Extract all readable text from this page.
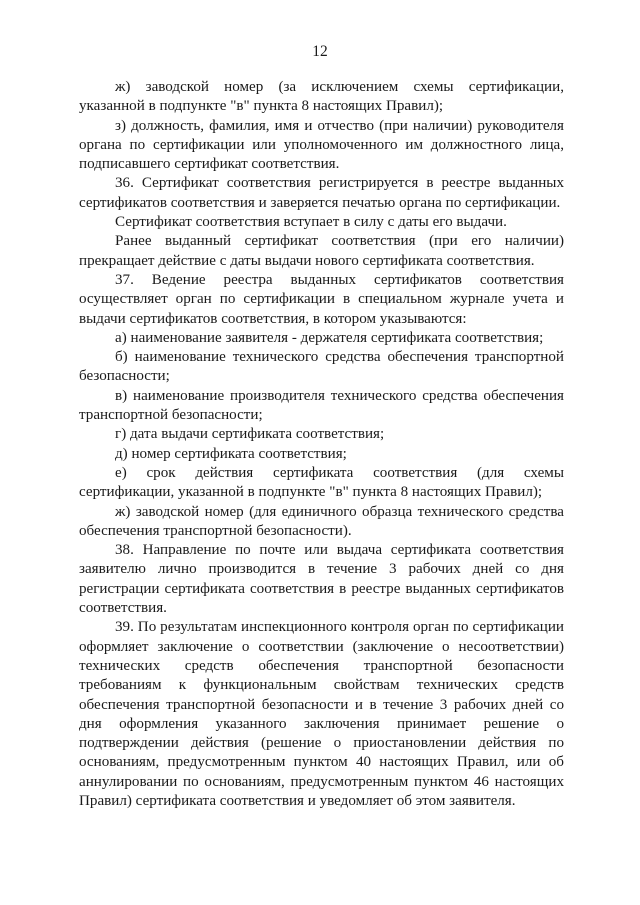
12

ж) заводской номер (за исключением схемы сертификации, указанной в подпункте "в" пункта 8 настоящих Правил);

з) должность, фамилия, имя и отчество (при наличии) руководителя органа по сертификации или уполномоченного им должностного лица, подписавшего сертификат соответствия.

36. Сертификат соответствия регистрируется в реестре выданных сертификатов соответствия и заверяется печатью органа по сертификации.

Сертификат соответствия вступает в силу с даты его выдачи.

Ранее выданный сертификат соответствия (при его наличии) прекращает действие с даты выдачи нового сертификата соответствия.

37. Ведение реестра выданных сертификатов соответствия осуществляет орган по сертификации в специальном журнале учета и выдачи сертификатов соответствия, в котором указываются:

а) наименование заявителя - держателя сертификата соответствия;

б) наименование технического средства обеспечения транспортной безопасности;

в) наименование производителя технического средства обеспечения транспортной безопасности;

г) дата выдачи сертификата соответствия;

д) номер сертификата соответствия;

е) срок действия сертификата соответствия (для схемы сертификации, указанной в подпункте "в" пункта 8 настоящих Правил);

ж) заводской номер (для единичного образца технического средства обеспечения транспортной безопасности).

38. Направление по почте или выдача сертификата соответствия заявителю лично производится в течение 3 рабочих дней со дня регистрации сертификата соответствия в реестре выданных сертификатов соответствия.

39. По результатам инспекционного контроля орган по сертификации оформляет заключение о соответствии (заключение о несоответствии) технических средств обеспечения транспортной безопасности требованиям к функциональным свойствам технических средств обеспечения транспортной безопасности и в течение 3 рабочих дней со дня оформления указанного заключения принимает решение о подтверждении действия (решение о приостановлении действия по основаниям, предусмотренным пунктом 40 настоящих Правил, или об аннулировании по основаниям, предусмотренным пунктом 46 настоящих Правил) сертификата соответствия и уведомляет об этом заявителя.
